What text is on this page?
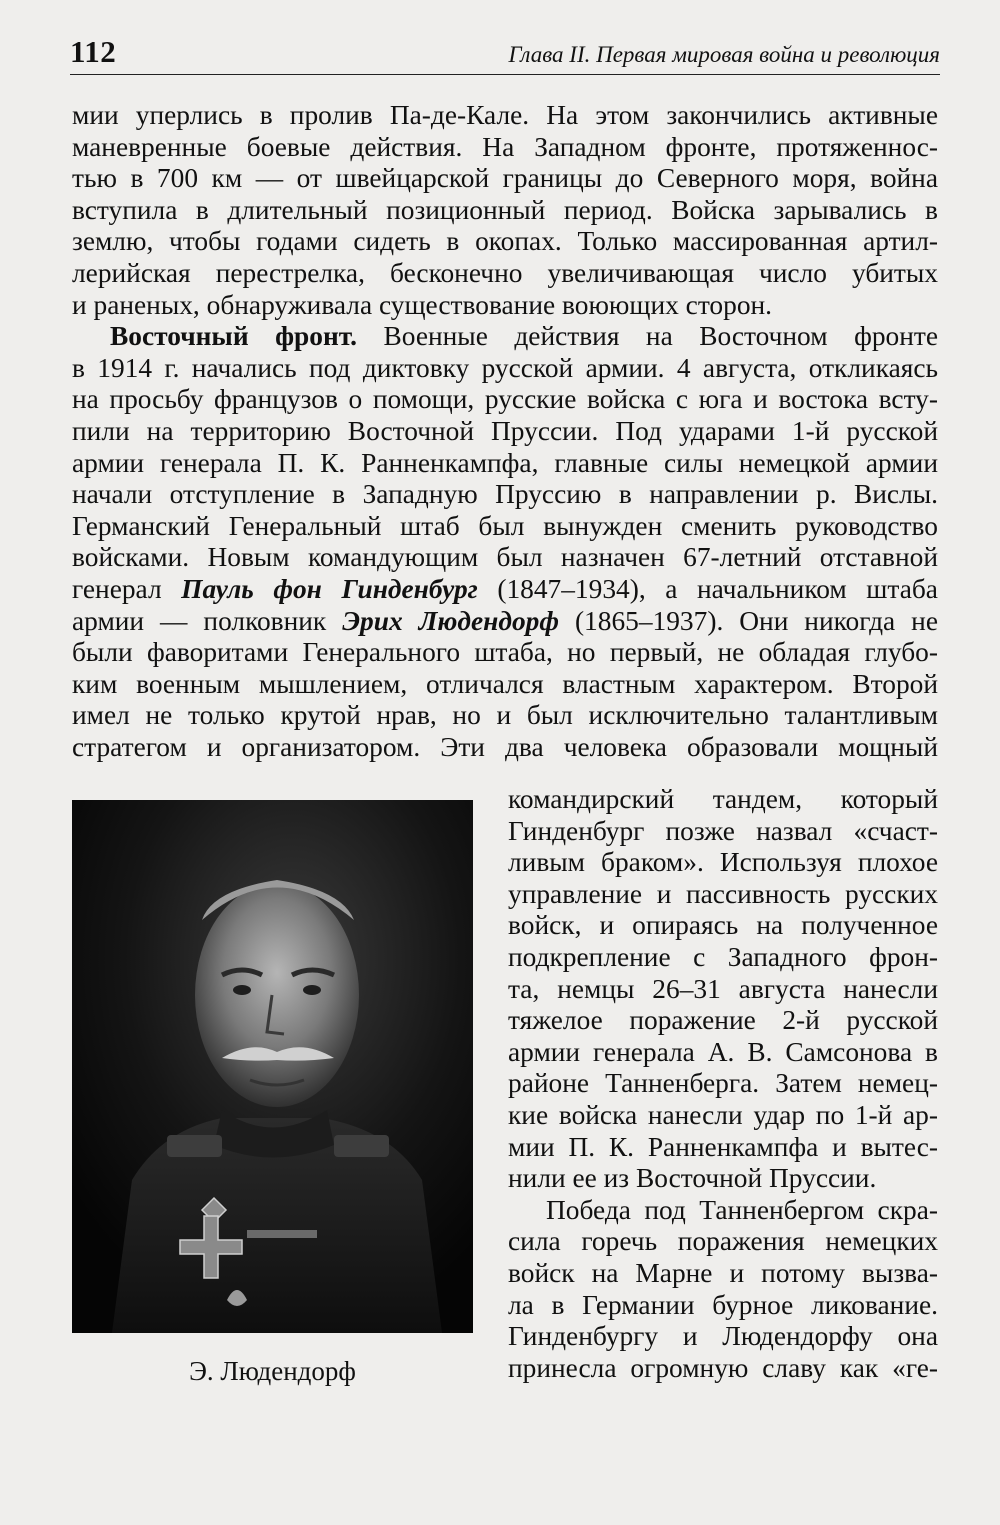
112	Глава II. Первая мировая война и революция
мии уперлись в пролив Па-де-Кале. На этом закончились активные
маневренные боевые действия. На Западном фронте, протяженнос-
тью в 700 км — от швейцарской границы до Северного моря, война
вступила в длительный позиционный период. Войска зарывались в
землю, чтобы годами сидеть в окопах. Только массированная артил-
лерийская перестрелка, бесконечно увеличивающая число убитых
и раненых, обнаруживала существование воюющих сторон.
Восточный фронт. Военные действия на Восточном фронте
в 1914 г. начались под диктовку русской армии. 4 августа, откликаясь
на просьбу французов о помощи, русские войска с юга и востока всту-
пили на территорию Восточной Пруссии. Под ударами 1-й русской
армии генерала П. К. Ранненкампфа, главные силы немецкой армии
начали отступление в Западную Пруссию в направлении р. Вислы.
Германский Генеральный штаб был вынужден сменить руководство
войсками. Новым командующим был назначен 67-летний отставной
генерал Пауль фон Гинденбург (1847–1934), а начальником штаба
армии — полковник Эрих Людендорф (1865–1937). Они никогда не
были фаворитами Генерального штаба, но первый, не обладая глубо-
ким военным мышлением, отличался властным характером. Второй
имел не только крутой нрав, но и был исключительно талантливым
стратегом и организатором. Эти два человека образовали мощный
Э. Людендорф
командирский тандем, который
Гинденбург позже назвал «счаст-
ливым браком». Используя плохое
управление и пассивность русских
войск, и опираясь на полученное
подкрепление с Западного фрон-
та, немцы 26–31 августа нанесли
тяжелое поражение 2-й русской
армии генерала А. В. Самсонова в
районе Танненберга. Затем немец-
кие войска нанесли удар по 1-й ар-
мии П. К. Ранненкампфа и вытес-
нили ее из Восточной Пруссии.
Победа под Танненбергом скра-
сила горечь поражения немецких
войск на Марне и потому вызва-
ла в Германии бурное ликование.
Гинденбургу и Людендорфу она
принесла огромную славу как «ге-
